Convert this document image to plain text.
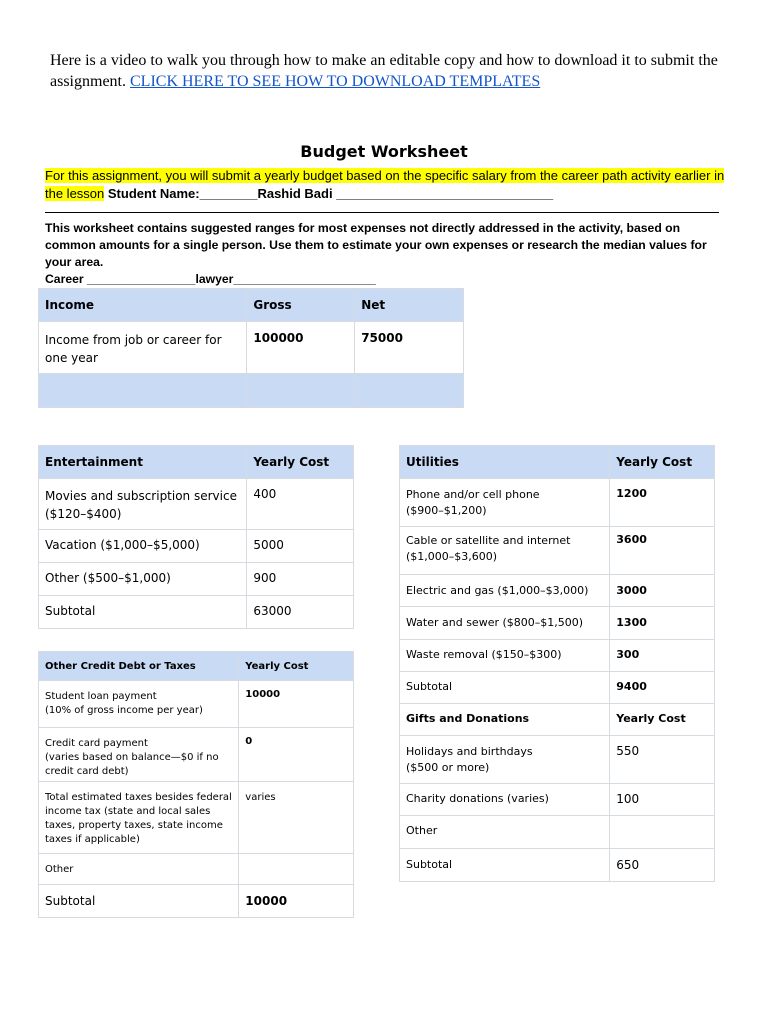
Here is a video to walk you through how to make an editable copy and how to download it to submit the assignment. CLICK HERE TO SEE HOW TO DOWNLOAD TEMPLATES
Budget Worksheet
For this assignment, you will submit a yearly budget based on the specific salary from the career path activity earlier in the lesson Student Name:________Rashid Badi ______________________________
This worksheet contains suggested ranges for most expenses not directly addressed in the activity, based on common amounts for a single person. Use them to estimate your own expenses or research the median values for your area.
Career ________________lawyer_____________________
Income	Gross	Net
Income from job or career for one year	100000	75000

Entertainment	Yearly Cost
Movies and subscription service ($120–$400)	400
Vacation ($1,000–$5,000)	5000
Other ($500–$1,000)	900
Subtotal	63000
Other Credit Debt or Taxes	Yearly Cost
Student loan payment
(10% of gross income per year)	10000
Credit card payment
(varies based on balance—$0 if no credit card debt)	0
Total estimated taxes besides federal income tax (state and local sales taxes, property taxes, state income taxes if applicable)	varies
Other	
Subtotal	10000
Utilities	Yearly Cost
Phone and/or cell phone
($900–$1,200)	1200
Cable or satellite and internet ($1,000–$3,600)	3600
Electric and gas ($1,000–$3,000)	3000
Water and sewer ($800–$1,500)	1300
Waste removal ($150–$300)	300
Subtotal	9400
Gifts and Donations	Yearly Cost
Holidays and birthdays
($500 or more)	550
Charity donations (varies)	100
Other	
Subtotal	650
